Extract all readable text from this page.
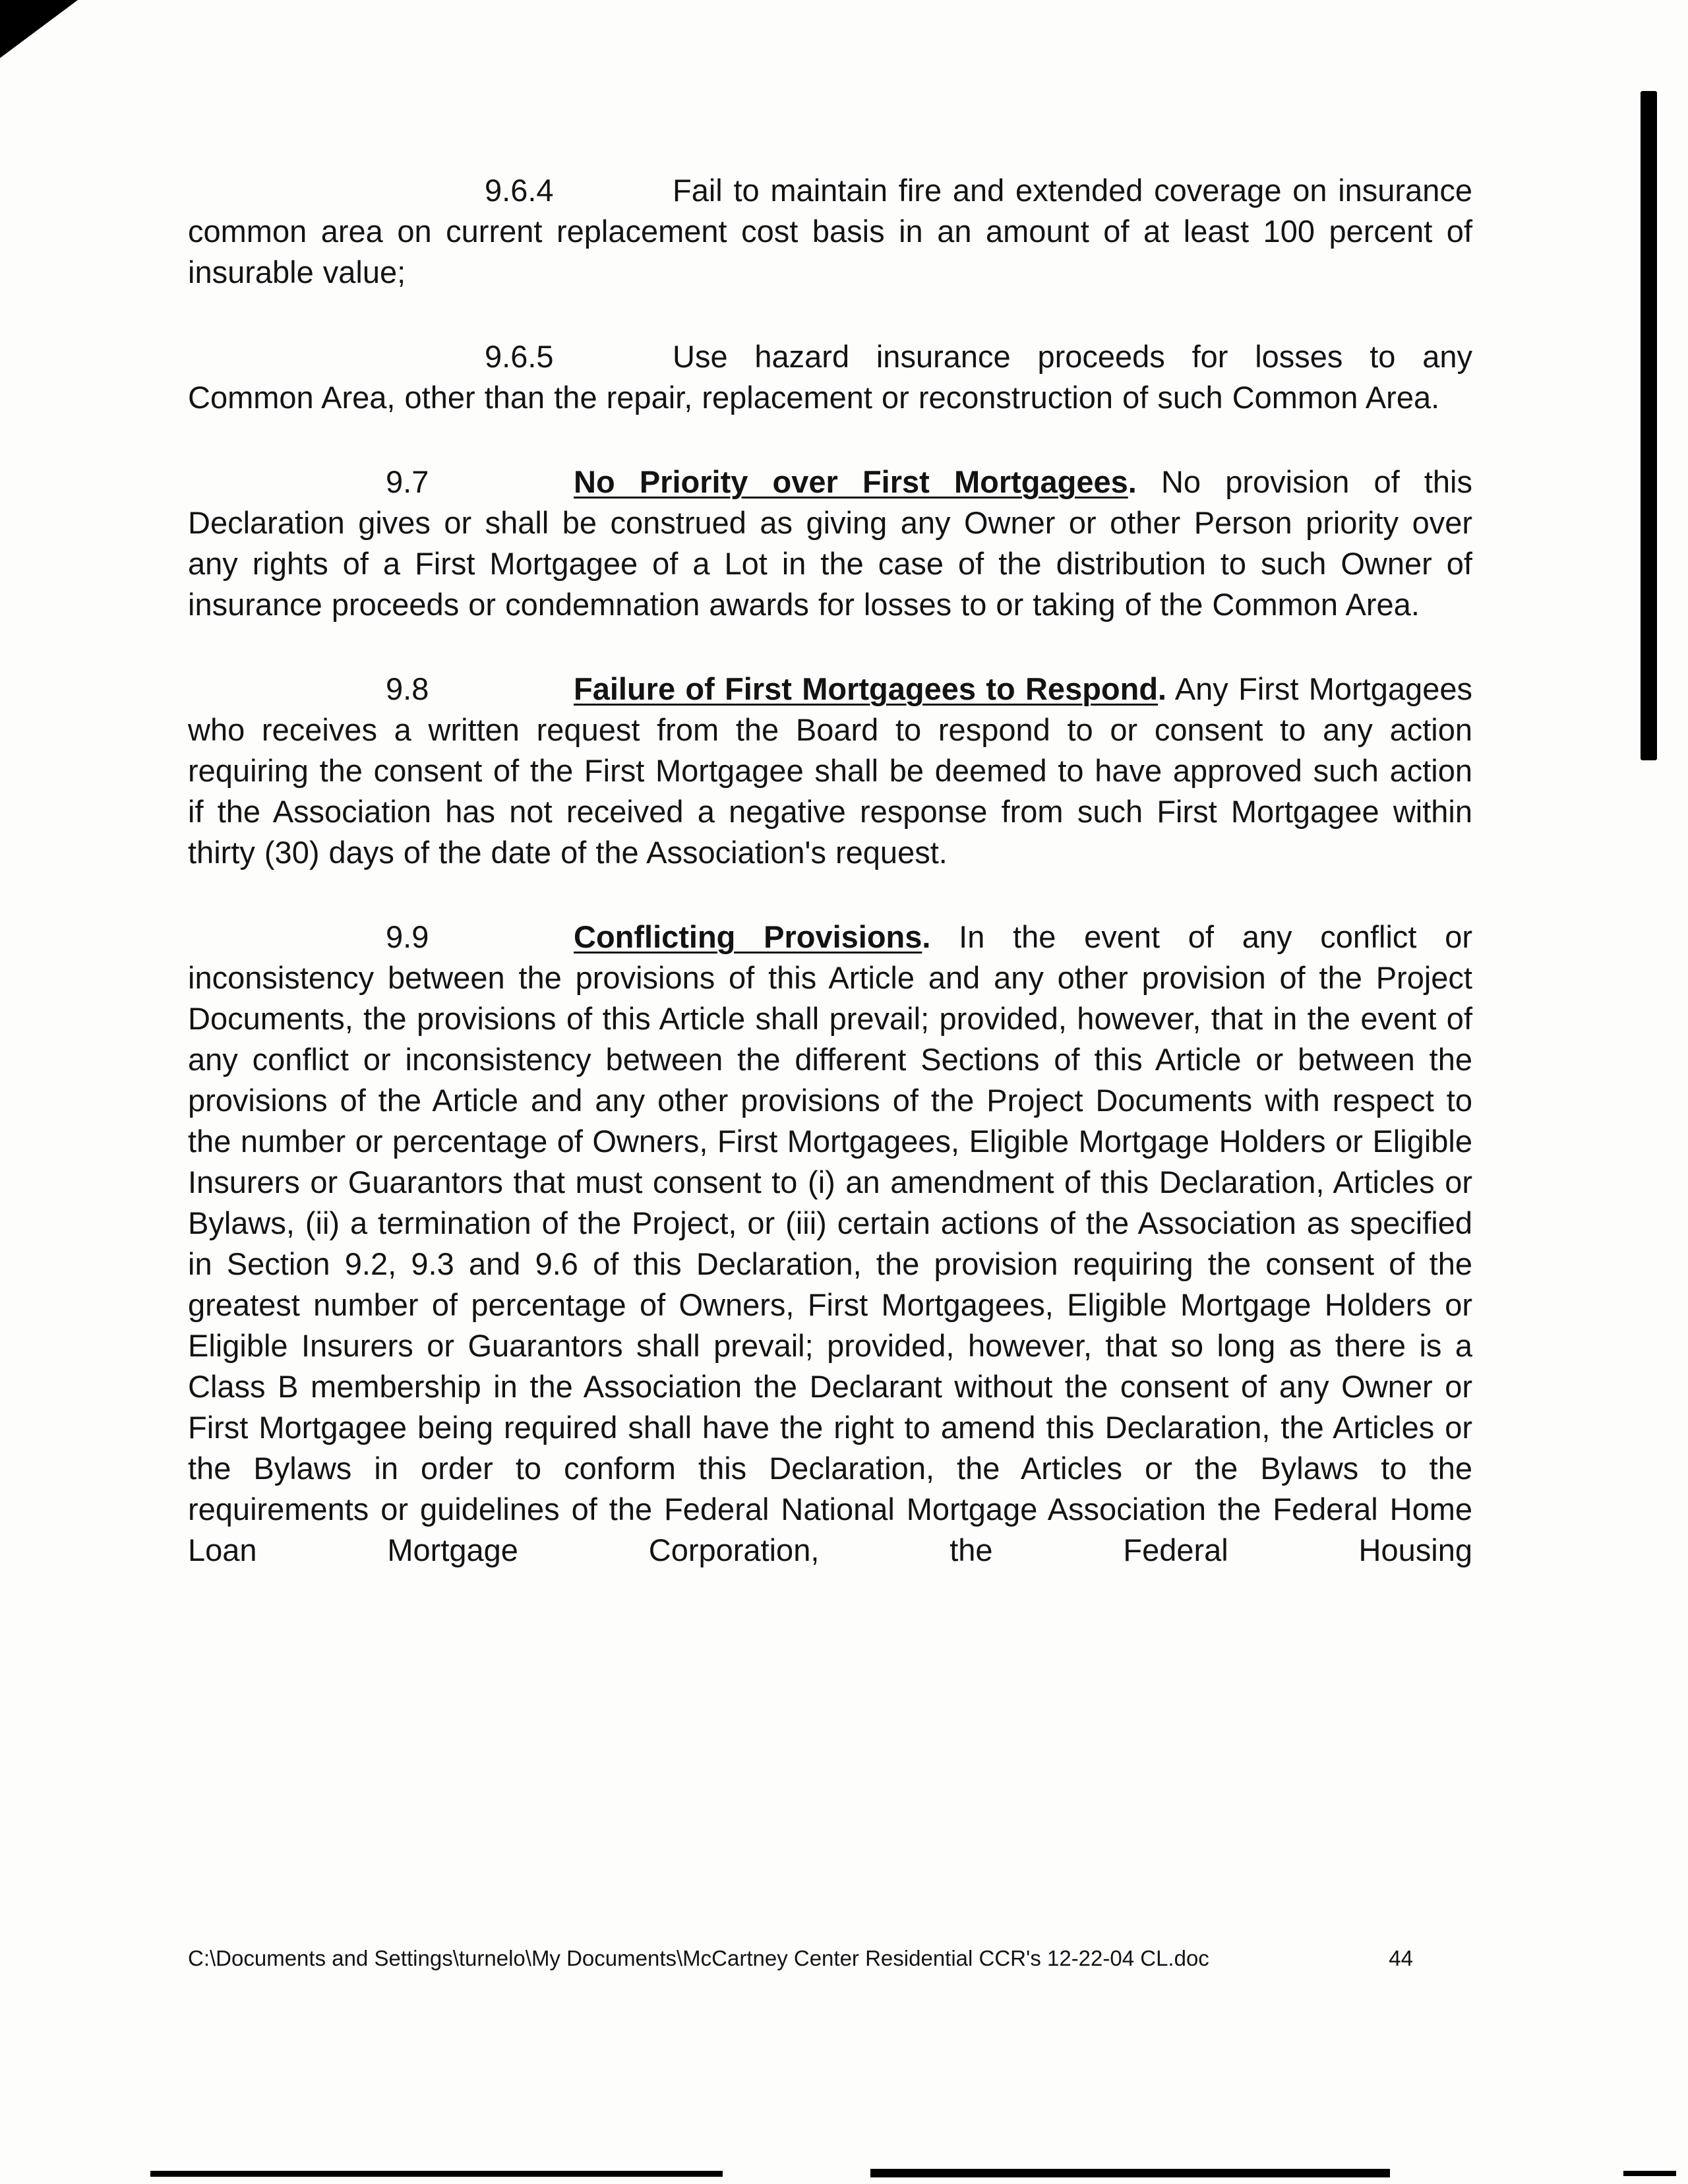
9.6.4	Fail to maintain fire and extended coverage on insurance common area on current replacement cost basis in an amount of at least 100 percent of insurable value;

9.6.5	Use hazard insurance proceeds for losses to any Common Area, other than the repair, replacement or reconstruction of such Common Area.

9.7	No Priority over First Mortgagees. No provision of this Declaration gives or shall be construed as giving any Owner or other Person priority over any rights of a First Mortgagee of a Lot in the case of the distribution to such Owner of insurance proceeds or condemnation awards for losses to or taking of the Common Area.

9.8	Failure of First Mortgagees to Respond. Any First Mortgagees who receives a written request from the Board to respond to or consent to any action requiring the consent of the First Mortgagee shall be deemed to have approved such action if the Association has not received a negative response from such First Mortgagee within thirty (30) days of the date of the Association's request.

9.9	Conflicting Provisions. In the event of any conflict or inconsistency between the provisions of this Article and any other provision of the Project Documents, the provisions of this Article shall prevail; provided, however, that in the event of any conflict or inconsistency between the different Sections of this Article or between the provisions of the Article and any other provisions of the Project Documents with respect to the number or percentage of Owners, First Mortgagees, Eligible Mortgage Holders or Eligible Insurers or Guarantors that must consent to (i) an amendment of this Declaration, Articles or Bylaws, (ii) a termination of the Project, or (iii) certain actions of the Association as specified in Section 9.2, 9.3 and 9.6 of this Declaration, the provision requiring the consent of the greatest number of percentage of Owners, First Mortgagees, Eligible Mortgage Holders or Eligible Insurers or Guarantors shall prevail; provided, however, that so long as there is a Class B membership in the Association the Declarant without the consent of any Owner or First Mortgagee being required shall have the right to amend this Declaration, the Articles or the Bylaws in order to conform this Declaration, the Articles or the Bylaws to the requirements or guidelines of the Federal National Mortgage Association the Federal Home Loan Mortgage Corporation, the Federal Housing

C:\Documents and Settings\turnelo\My Documents\McCartney Center Residential CCR's 12-22-04 CL.doc	44
